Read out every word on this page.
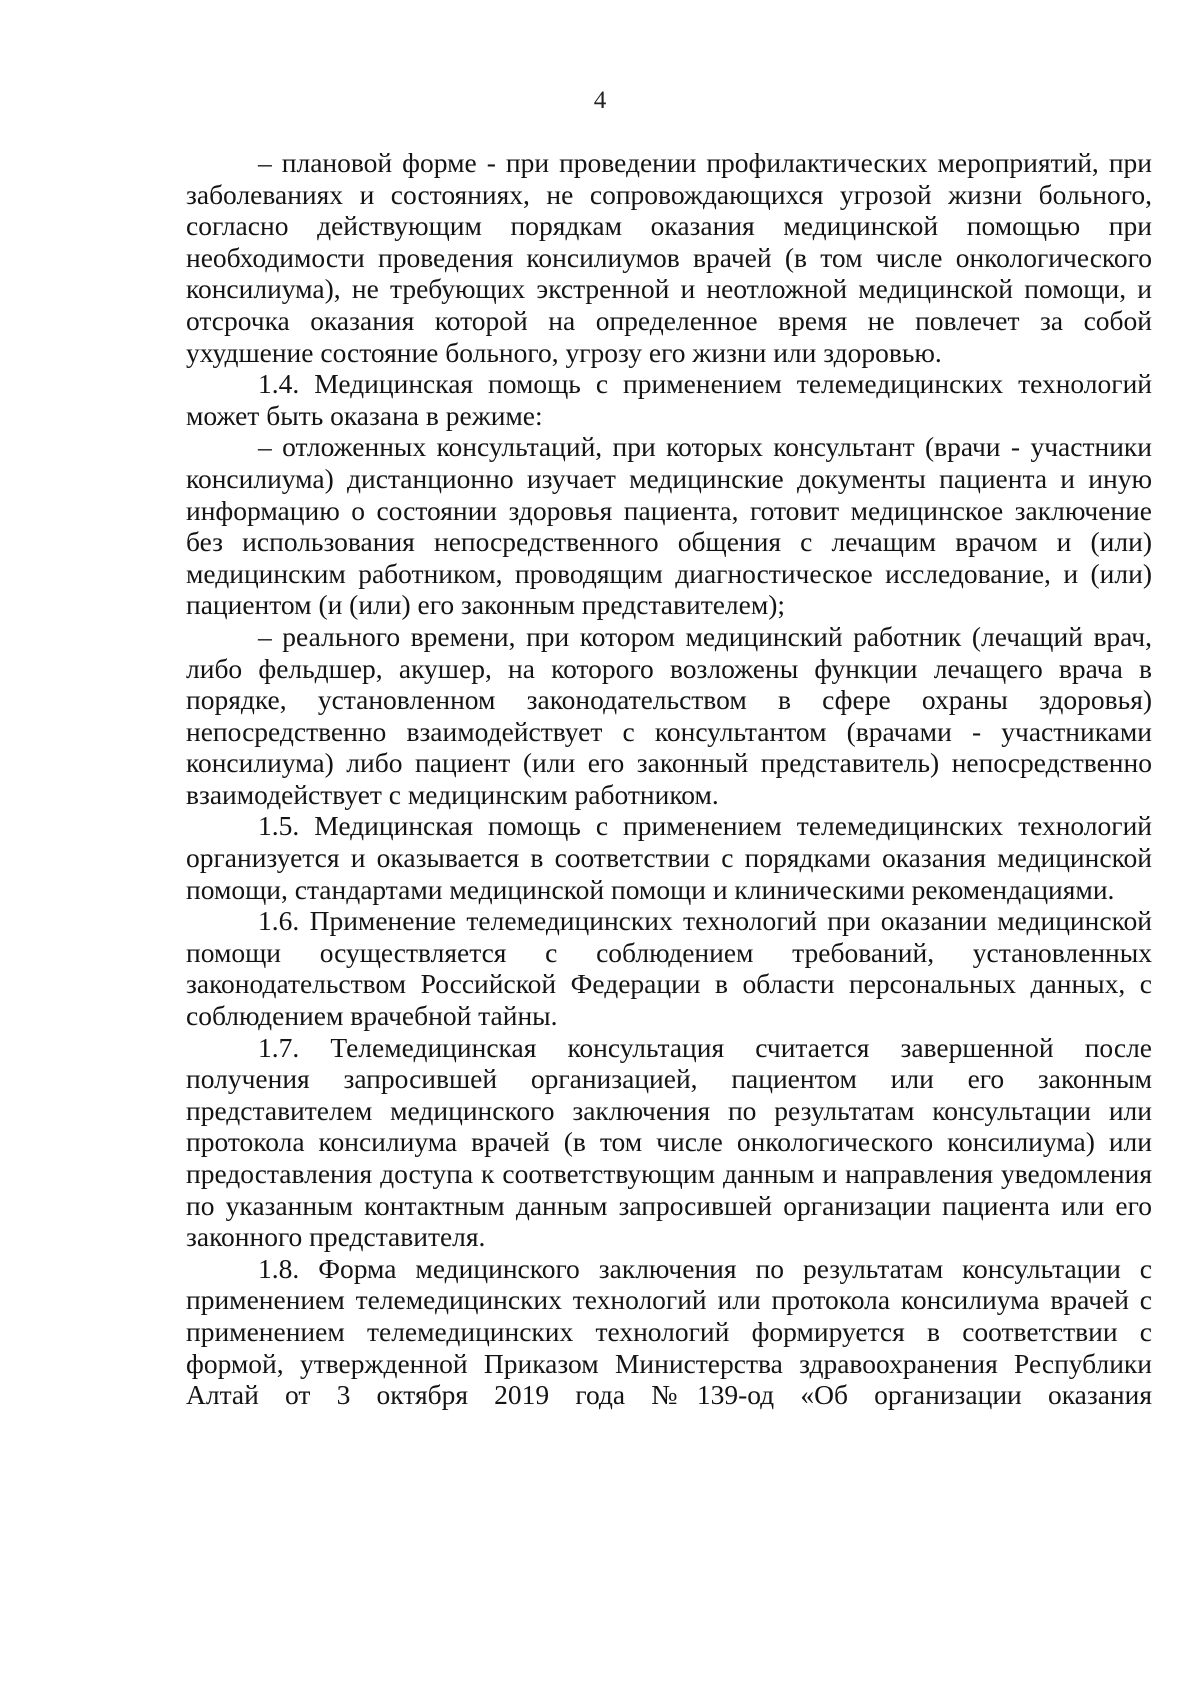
4

– плановой форме - при проведении профилактических мероприятий, при заболеваниях и состояниях, не сопровождающихся угрозой жизни больного, согласно действующим порядкам оказания медицинской помощью при необходимости проведения консилиумов врачей (в том числе онкологического консилиума), не требующих экстренной и неотложной медицинской помощи, и отсрочка оказания которой на определенное время не повлечет за собой ухудшение состояние больного, угрозу его жизни или здоровью.

1.4. Медицинская помощь с применением телемедицинских технологий может быть оказана в режиме:

– отложенных консультаций, при которых консультант (врачи - участники консилиума) дистанционно изучает медицинские документы пациента и иную информацию о состоянии здоровья пациента, готовит медицинское заключение без использования непосредственного общения с лечащим врачом и (или) медицинским работником, проводящим диагностическое исследование, и (или) пациентом (и (или) его законным представителем);

– реального времени, при котором медицинский работник (лечащий врач, либо фельдшер, акушер, на которого возложены функции лечащего врача в порядке, установленном законодательством в сфере охраны здоровья) непосредственно взаимодействует с консультантом (врачами - участниками консилиума) либо пациент (или его законный представитель) непосредственно взаимодействует с медицинским работником.

1.5. Медицинская помощь с применением телемедицинских технологий организуется и оказывается в соответствии с порядками оказания медицинской помощи, стандартами медицинской помощи и клиническими рекомендациями.

1.6. Применение телемедицинских технологий при оказании медицинской помощи осуществляется с соблюдением требований, установленных законодательством Российской Федерации в области персональных данных, с соблюдением врачебной тайны.

1.7. Телемедицинская консультация считается завершенной после получения запросившей организацией, пациентом или его законным представителем медицинского заключения по результатам консультации или протокола консилиума врачей (в том числе онкологического консилиума) или предоставления доступа к соответствующим данным и направления уведомления по указанным контактным данным запросившей организации пациента или его законного представителя.

1.8. Форма медицинского заключения по результатам консультации с применением телемедицинских технологий или протокола консилиума врачей с применением телемедицинских технологий формируется в соответствии с формой, утвержденной Приказом Министерства здравоохранения Республики Алтай от 3 октября 2019 года №139-од «Об организации оказания
